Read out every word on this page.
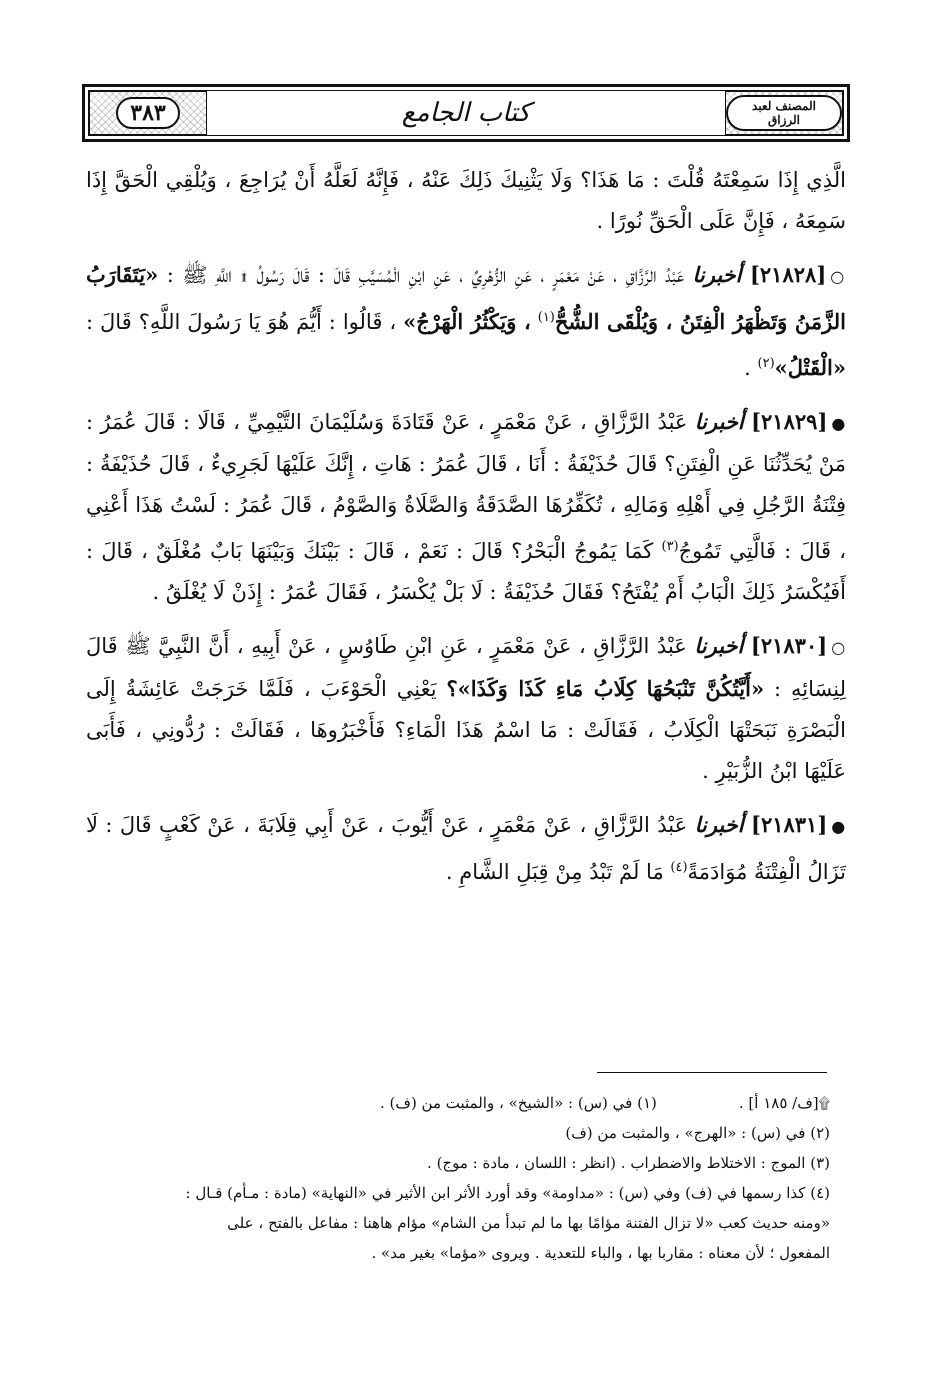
٣٨٣	كتاب الجامع	المصنف لعبد الرزاق

الَّذِي إِذَا سَمِعْتَهُ قُلْتَ : مَا هَذَا؟ وَلَا يَثْنِيكَ ذَلِكَ عَنْهُ ، فَإِنَّهُ لَعَلَّهُ أَنْ يُرَاجِعَ ، وَيُلْقِي الْحَقَّ إِذَا سَمِعَهُ ، فَإِنَّ عَلَى الْحَقِّ نُورًا .

○[٢١٨٢٨] أخبرنا عَبْدُ الرَّزَّاقِ ، عَنْ مَعْمَرٍ ، عَنِ الزُّهْرِيِّ ، عَنِ ابْنِ الْمُسَيَّبِ قَالَ : قَالَ رَسُولُ ۩ اللَّهِ ﷺ : «يَتَقَارَبُ الزَّمَنُ وَتَظْهَرُ الْفِتَنُ ، وَيُلْقَى الشُّحُّ$^{(١)}$ ، وَيَكْثُرُ الْهَرْجُ» ، قَالُوا : أَيُّمَ هُوَ يَا رَسُولَ اللَّهِ؟ قَالَ : «الْقَتْلُ»$^{(٢)}$ .

●[٢١٨٢٩] أخبرنا عَبْدُ الرَّزَّاقِ ، عَنْ مَعْمَرٍ ، عَنْ قَتَادَةَ وَسُلَيْمَانَ التَّيْمِيِّ ، قَالَا : قَالَ عُمَرُ : مَنْ يُحَدِّثُنَا عَنِ الْفِتَنِ؟ قَالَ حُذَيْفَةُ : أَنَا ، قَالَ عُمَرُ : هَاتِ ، إِنَّكَ عَلَيْهَا لَجَرِيءٌ ، قَالَ حُذَيْفَةُ : فِتْنَةُ الرَّجُلِ فِي أَهْلِهِ وَمَالِهِ ، تُكَفِّرُهَا الصَّدَقَةُ وَالصَّلَاةُ وَالصَّوْمُ ، قَالَ عُمَرُ : لَسْتُ هَذَا أَعْنِي ، قَالَ : فَالَّتِي تَمُوجُ$^{(٣)}$ كَمَا يَمُوجُ الْبَحْرُ؟ قَالَ : نَعَمْ ، قَالَ : بَيْنَكَ وَبَيْنَهَا بَابٌ مُغْلَقٌ ، قَالَ : أَفَيُكْسَرُ ذَلِكَ الْبَابُ أَمْ يُفْتَحُ؟ فَقَالَ حُذَيْفَةُ : لَا بَلْ يُكْسَرُ ، فَقَالَ عُمَرُ : إِذَنْ لَا يُغْلَقُ .

○[٢١٨٣٠] أخبرنا عَبْدُ الرَّزَّاقِ ، عَنْ مَعْمَرٍ ، عَنِ ابْنِ طَاوُسٍ ، عَنْ أَبِيهِ ، أَنَّ النَّبِيَّ ﷺ قَالَ لِنِسَائِهِ : «أَيَّتُكُنَّ تَنْبَحُهَا كِلَابُ مَاءِ كَذَا وَكَذَا»؟ يَعْنِي الْحَوْءَبَ ، فَلَمَّا خَرَجَتْ عَائِشَةُ إِلَى الْبَصْرَةِ نَبَحَتْهَا الْكِلَابُ ، فَقَالَتْ : مَا اسْمُ هَذَا الْمَاءِ؟ فَأَخْبَرُوهَا ، فَقَالَتْ : رُدُّونِي ، فَأَبَى عَلَيْهَا ابْنُ الزُّبَيْرِ .

●[٢١٨٣١] أخبرنا عَبْدُ الرَّزَّاقِ ، عَنْ مَعْمَرٍ ، عَنْ أَيُّوبَ ، عَنْ أَبِي قِلَابَةَ ، عَنْ كَعْبٍ قَالَ : لَا تَزَالُ الْفِتْنَةُ مُوَادَمَةً$^{(٤)}$ مَا لَمْ تَبْدُ مِنْ قِبَلِ الشَّامِ .

۩[ف/ ١٨٥ أ] .
(١) في (س) : «الشيخ» ، والمثبت من (ف) .

(٢) في (س) : «الهرج» ، والمثبت من (ف)

(٣) الموج : الاختلاط والاضطراب . (انظر : اللسان ، مادة : موج) .

(٤) كذا رسمها في (ف) وفي (س) : «مداومة» وقد أورد الأثر ابن الأثير في «النهاية» (مادة : مـأم) قـال :

«ومنه حديث كعب «لا تزال الفتنة مؤامًا بها ما لم تبدأ من الشام» مؤام هاهنا : مفاعل بالفتح ، على

المفعول ؛ لأن معناه : مقاربا بها ، والباء للتعدية . ويروى «مؤما» بغير مد» .
